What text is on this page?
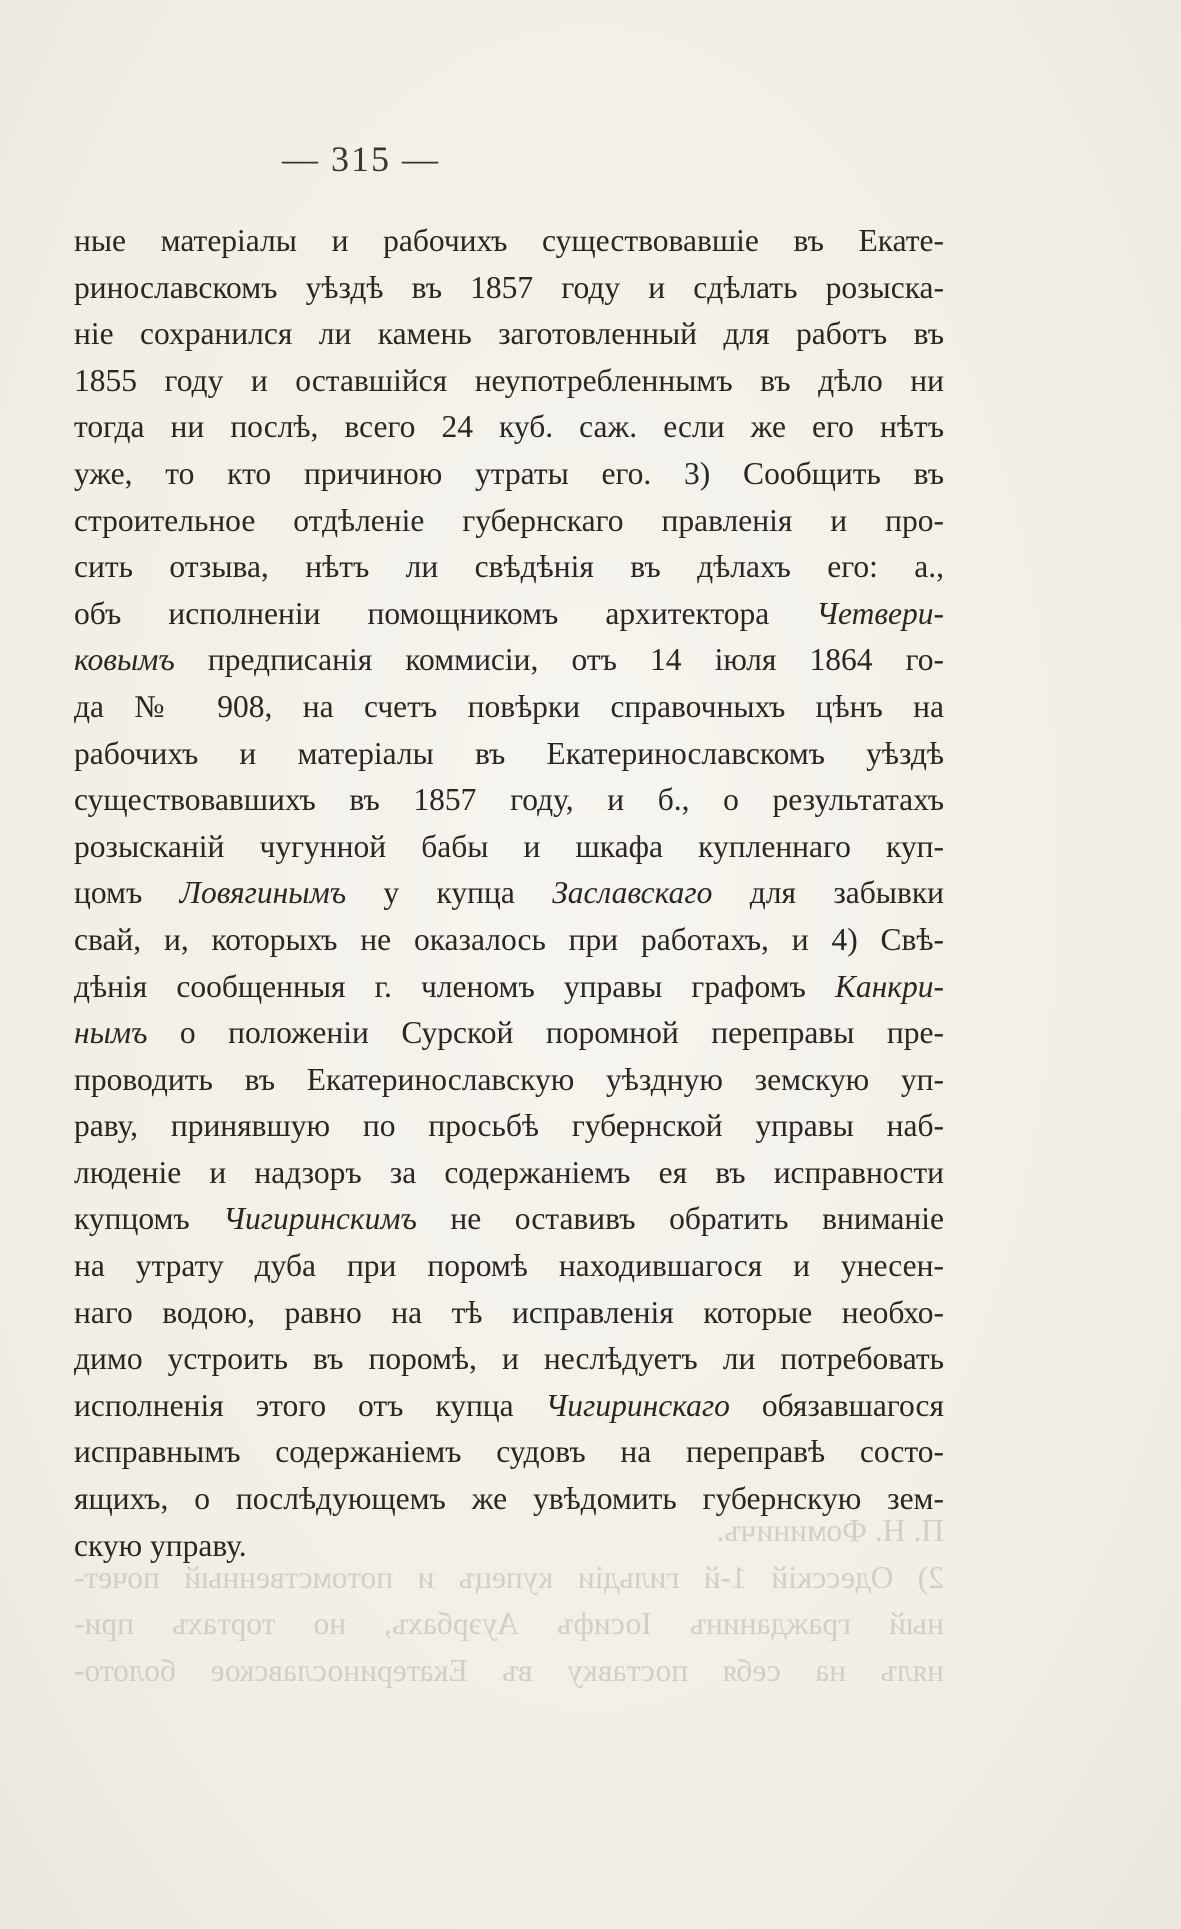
— 315 —
ные матеріалы и рабочихъ существовавшіе въ Екате-
ринославскомъ уѣздѣ въ 1857 году и сдѣлать розыска-
ніе сохранился ли камень заготовленный для работъ въ
1855 году и оставшійся неупотребленнымъ въ дѣло ни
тогда ни послѣ, всего 24 куб. саж. если же его нѣтъ
уже, то кто причиною утраты его. 3) Сообщить въ
строительное отдѣленіе губернскаго правленія и про-
сить отзыва, нѣтъ ли свѣдѣнія въ дѣлахъ его: а.,
объ исполненіи помощникомъ архитектора Четвери-
ковымъ предписанія коммисіи, отъ 14 іюля 1864 го-
да № 908, на счетъ повѣрки справочныхъ цѣнъ на
рабочихъ и матеріалы въ Екатеринославскомъ уѣздѣ
существовавшихъ въ 1857 году, и б., о результатахъ
розысканій чугунной бабы и шкафа купленнаго куп-
цомъ Ловягинымъ у купца Заславскаго для забывки
свай, и, которыхъ не оказалось при работахъ, и 4) Свѣ-
дѣнія сообщенныя г. членомъ управы графомъ Канкри-
нымъ о положеніи Сурской поромной переправы пре-
проводить въ Екатеринославскую уѣздную земскую уп-
раву, принявшую по просьбѣ губернской управы наб-
люденіе и надзоръ за содержаніемъ ея въ исправности
купцомъ Чигиринскимъ не оставивъ обратить вниманіе
на утрату дуба при поромѣ находившагося и унесен-
наго водою, равно на тѣ исправленія которые необхо-
димо устроить въ поромѣ, и неслѣдуетъ ли потребовать
исполненія этого отъ купца Чигиринскаго обязавшагося
исправнымъ содержаніемъ судовъ на переправѣ состо-
ящихъ, о послѣдующемъ же увѣдомить губернскую зем-
скую управу.	П. Н. Фоминичъ.
2) Одесскій 1-й гильдіи купецъ и потомственный почет-
ный гражданинъ Іосифъ Ауэрбахъ, но тортахъ при-
нялъ на себя поставку въ Екатеринославское болото-
